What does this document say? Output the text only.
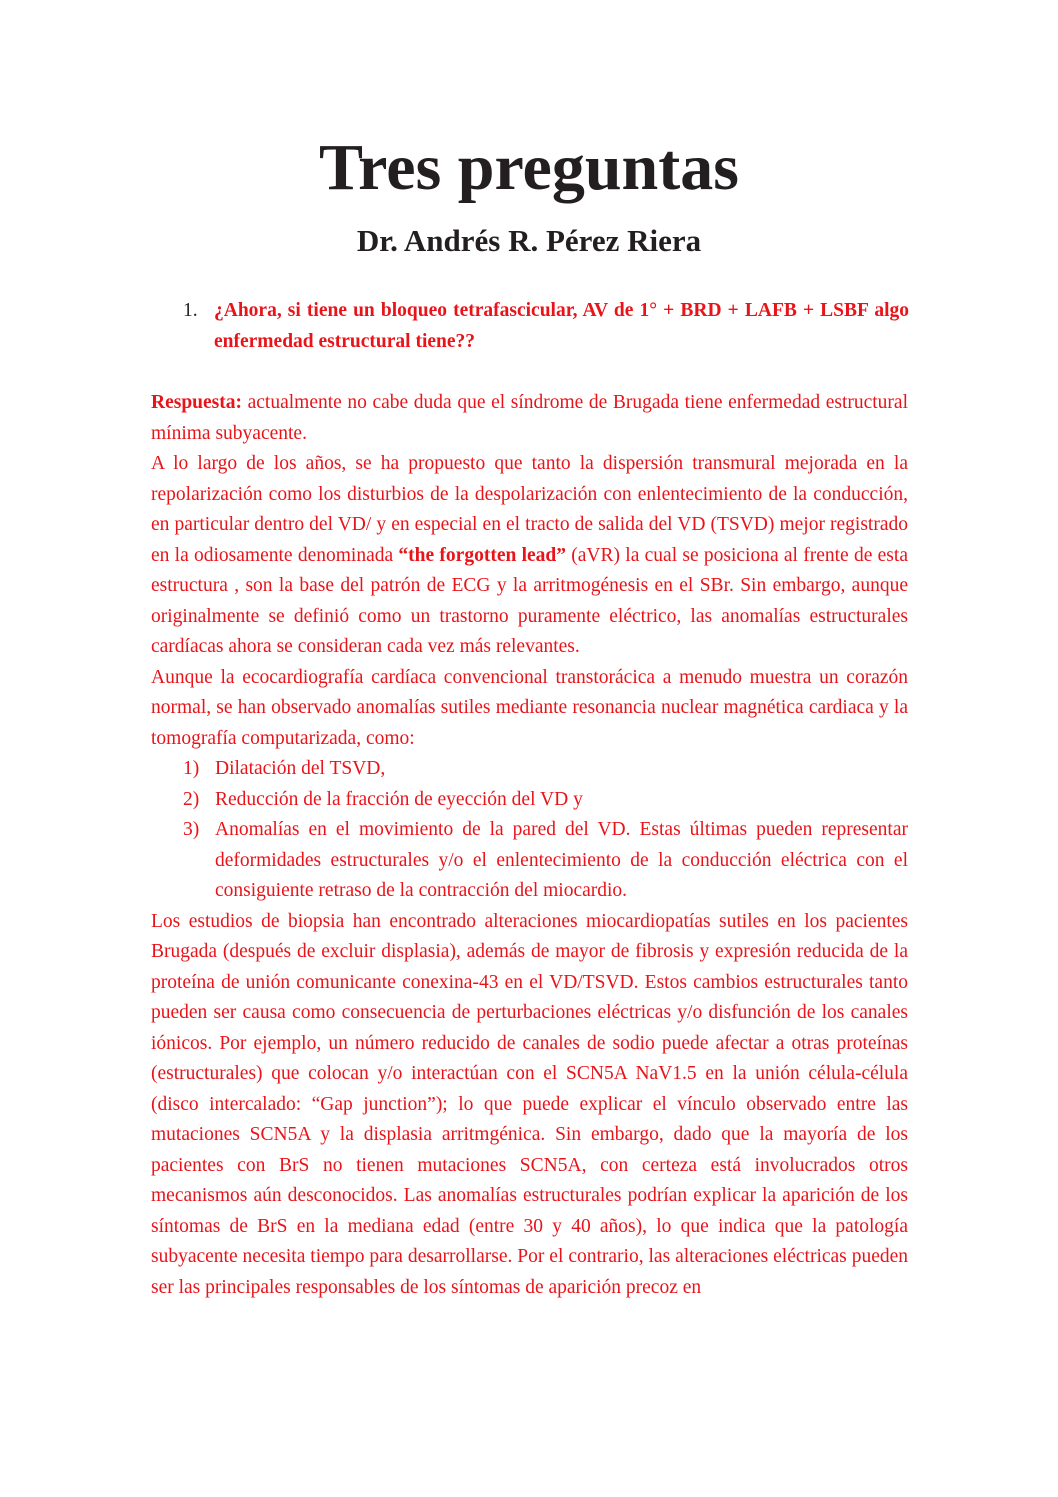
Tres preguntas
Dr. Andrés R. Pérez Riera
1. ¿Ahora, si tiene un bloqueo tetrafascicular, AV de 1° + BRD + LAFB + LSBF algo enfermedad estructural tiene??

Respuesta: actualmente no cabe duda que el síndrome de Brugada tiene enfermedad estructural mínima subyacente.

A lo largo de los años, se ha propuesto que tanto la dispersión transmural mejorada en la repolarización como los disturbios de la despolarización con enlentecimiento de la conducción, en particular dentro del VD/ y en especial en el tracto de salida del VD (TSVD) mejor registrado en la odiosamente denominada “the forgotten lead” (aVR) la cual se posiciona al frente de esta estructura , son la base del patrón de ECG y la arritmogénesis en el SBr. Sin embargo, aunque originalmente se definió como un trastorno puramente eléctrico, las anomalías estructurales cardíacas ahora se consideran cada vez más relevantes.

Aunque la ecocardiografía cardíaca convencional transtorácica a menudo muestra un corazón normal, se han observado anomalías sutiles mediante resonancia nuclear magnética cardiaca y la tomografía computarizada, como:

1) Dilatación del TSVD,
2) Reducción de la fracción de eyección del VD y
3) Anomalías en el movimiento de la pared del VD. Estas últimas pueden representar deformidades estructurales y/o el enlentecimiento de la conducción eléctrica con el consiguiente retraso de la contracción del miocardio.

Los estudios de biopsia han encontrado alteraciones miocardiopatías sutiles en los pacientes Brugada (después de excluir displasia), además de mayor de fibrosis y expresión reducida de la proteína de unión comunicante conexina-43 en el VD/TSVD. Estos cambios estructurales tanto pueden ser causa como consecuencia de perturbaciones eléctricas y/o disfunción de los canales iónicos. Por ejemplo, un número reducido de canales de sodio puede afectar a otras proteínas (estructurales) que colocan y/o interactúan con el SCN5A NaV1.5 en la unión célula-célula (disco intercalado: “Gap junction”); lo que puede explicar el vínculo observado entre las mutaciones SCN5A y la displasia arritmgénica. Sin embargo, dado que la mayoría de los pacientes con BrS no tienen mutaciones SCN5A, con certeza está involucrados otros mecanismos aún desconocidos. Las anomalías estructurales podrían explicar la aparición de los síntomas de BrS en la mediana edad (entre 30 y 40 años), lo que indica que la patología subyacente necesita tiempo para desarrollarse. Por el contrario, las alteraciones eléctricas pueden ser las principales responsables de los síntomas de aparición precoz en
